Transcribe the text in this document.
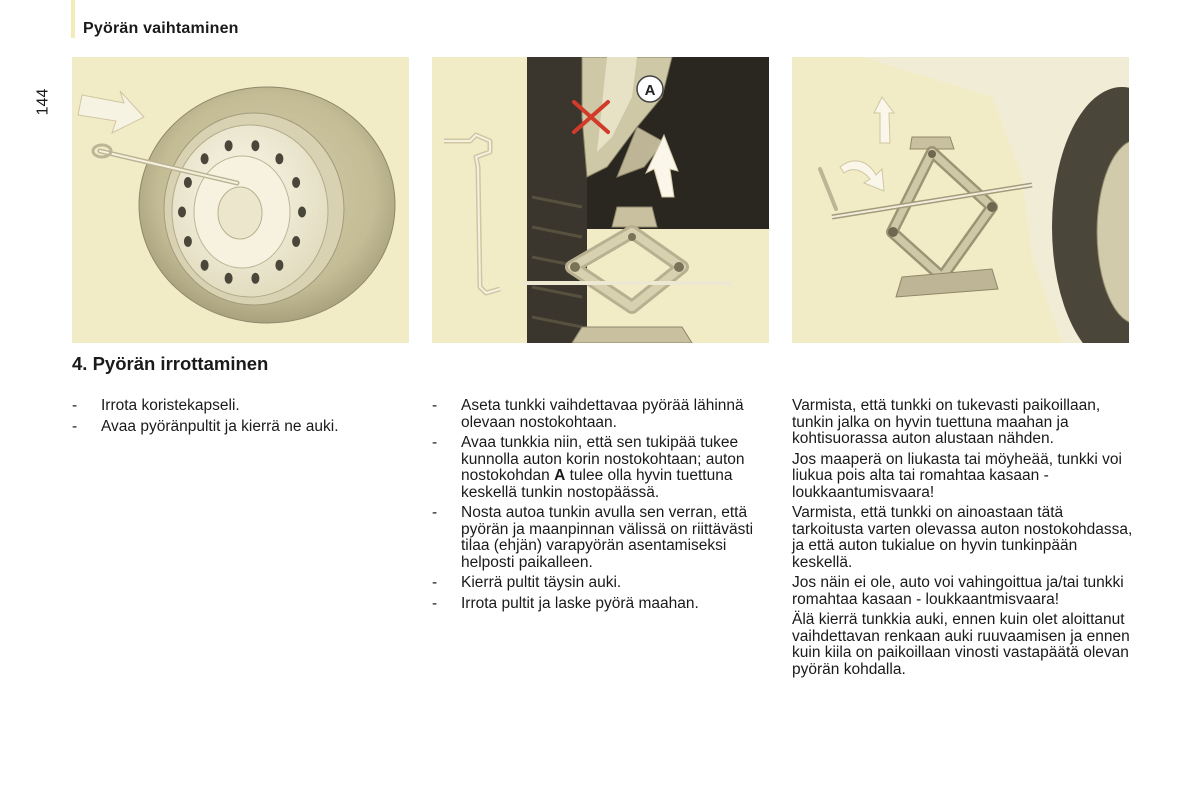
Pyörän vaihtaminen
144	A
4. Pyörän irrottaminen
- Irrota koristekapseli.
- Avaa pyöränpultit ja kierrä ne auki.
- Aseta tunkki vaihdettavaa pyörää lähinnä olevaan nostokohtaan.
- Avaa tunkkia niin, että sen tukipää tukee kunnolla auton korin nostokohtaan; auton nostokohdan A tulee olla hyvin tuettuna keskellä tunkin nostopäässä.
- Nosta autoa tunkin avulla sen verran, että pyörän ja maanpinnan välissä on riittävästi tilaa (ehjän) varapyörän asentamiseksi helposti paikalleen.
- Kierrä pultit täysin auki.
- Irrota pultit ja laske pyörä maahan.

Varmista, että tunkki on tukevasti paikoillaan, tunkin jalka on hyvin tuettuna maahan ja kohtisuorassa auton alustaan nähden.

Jos maaperä on liukasta tai möyheää, tunkki voi liukua pois alta tai romahtaa kasaan - loukkaantumisvaara!

Varmista, että tunkki on ainoastaan tätä tarkoitusta varten olevassa auton nostokohdassa, ja että auton tukialue on hyvin tunkinpään keskellä.

Jos näin ei ole, auto voi vahingoittua ja/tai tunkki romahtaa kasaan - loukkaantmisvaara!

Älä kierrä tunkkia auki, ennen kuin olet aloittanut vaihdettavan renkaan auki ruuvaamisen ja ennen kuin kiila on paikoillaan vinosti vastapäätä olevan pyörän kohdalla.
